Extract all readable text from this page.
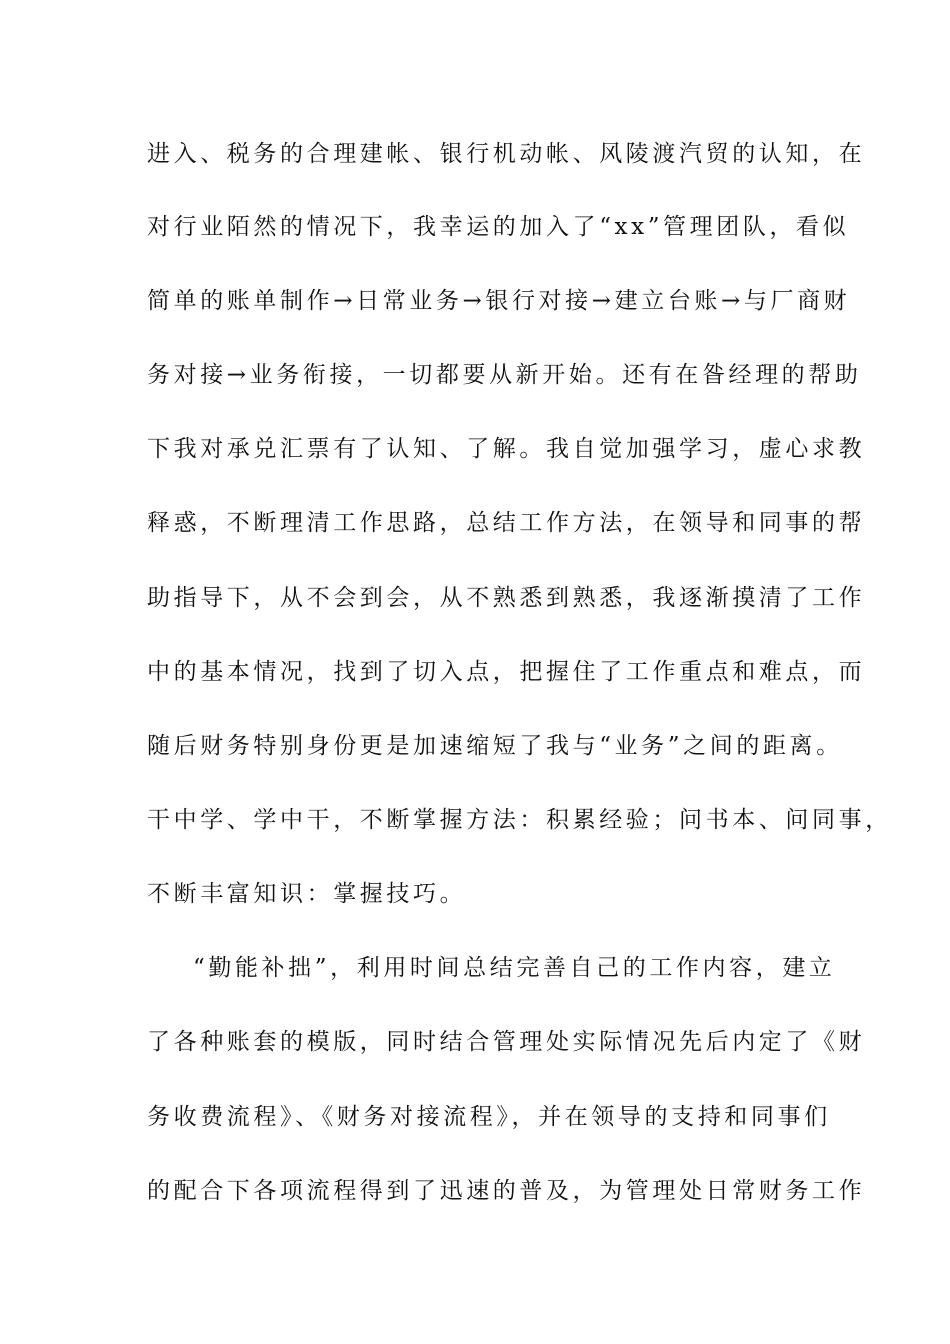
进入、税务的合理建帐、银行机动帐、风陵渡汽贸的认知，在
对行业陌然的情况下，我幸运的加入了“xx”管理团队，看似
简单的账单制作→日常业务→银行对接→建立台账→与厂商财
务对接→业务衔接，一切都要从新开始。还有在昝经理的帮助
下我对承兑汇票有了认知、了解。我自觉加强学习，虚心求教
释惑，不断理清工作思路，总结工作方法，在领导和同事的帮
助指导下，从不会到会，从不熟悉到熟悉，我逐渐摸清了工作
中的基本情况，找到了切入点，把握住了工作重点和难点，而
随后财务特别身份更是加速缩短了我与“业务”之间的距离。
干中学、学中干，不断掌握方法：积累经验；问书本、问同事，
不断丰富知识：掌握技巧。
“勤能补拙”，利用时间总结完善自己的工作内容，建立
了各种账套的模版，同时结合管理处实际情况先后内定了《财
务收费流程》、《财务对接流程》，并在领导的支持和同事们
的配合下各项流程得到了迅速的普及，为管理处日常财务工作
